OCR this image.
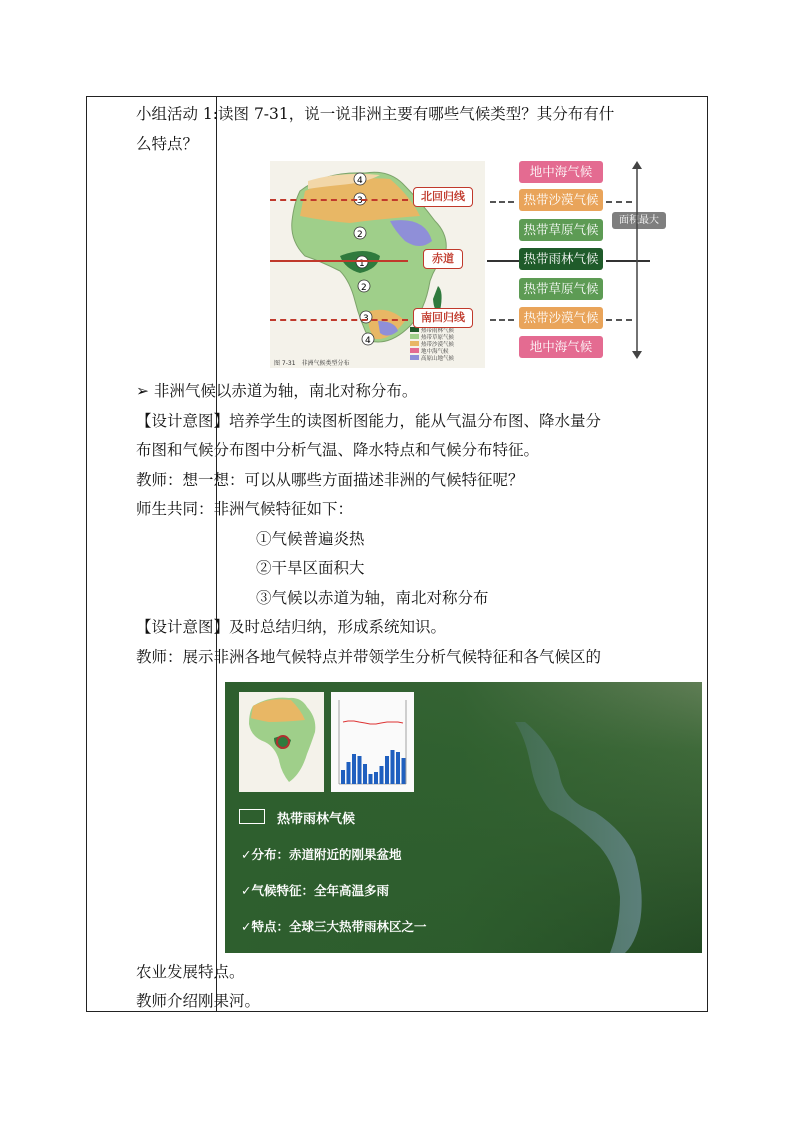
小组活动 1:读图 7-31，说一说非洲主要有哪些气候类型？其分布有什
么特点？
4
3
2
1
2
3
4
热带雨林气候
热带草原气候
热带沙漠气候
地中海气候
高原山地气候
图 7-31　非洲气候类型分布
北回归线
赤道
南回归线
地中海气候
热带沙漠气候
热带草原气候
热带雨林气候
热带草原气候
热带沙漠气候
地中海气候
面积最大
➢ 非洲气候以赤道为轴，南北对称分布。
【设计意图】培养学生的读图析图能力，能从气温分布图、降水量分
布图和气候分布图中分析气温、降水特点和气候分布特征。
教师：想一想：可以从哪些方面描述非洲的气候特征呢？
师生共同：非洲气候特征如下：
①气候普遍炎热
②干旱区面积大
③气候以赤道为轴，南北对称分布
【设计意图】及时总结归纳，形成系统知识。
教师：展示非洲各地气候特点并带领学生分析气候特征和各气候区的
热带雨林气候
✓分布：赤道附近的刚果盆地
✓气候特征：全年高温多雨
✓特点：全球三大热带雨林区之一
农业发展特点。
教师介绍刚果河。
